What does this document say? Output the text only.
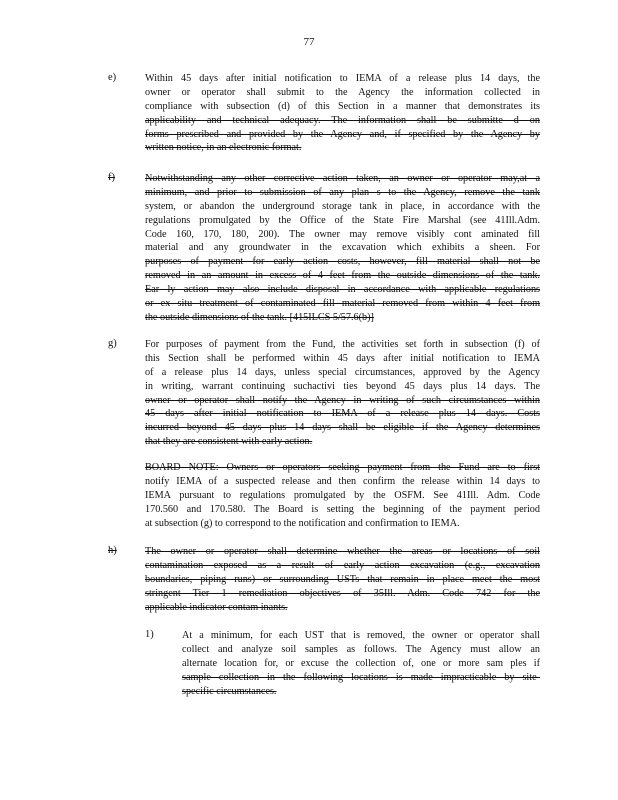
77
e)	Within 45 days after initial notification to IEMA of a release plus 14 days, the
owner or operator shall submit to the Agency the information collected in
compliance with subsection (d) of this Section in a manner that demonstrates its
applicability and technical adequacy. The information shall be submitte d on
forms prescribed and provided by the Agency and, if specified by the Agency by
written notice, in an electronic format.
f)	Notwithstanding any other corrective action taken, an owner or operator may,at a
minimum, and prior to submission of any plan s to the Agency, remove the tank
system, or abandon the underground storage tank in place, in accordance with the
regulations promulgated by the Office of the State Fire Marshal (see 41Ill.Adm.
Code 160, 170, 180, 200). The owner may remove visibly cont aminated fill
material and any groundwater in the excavation which exhibits a sheen. For
purposes of payment for early action costs, however, fill material shall not be
removed in an amount in excess of 4 feet from the outside dimensions of the tank.
Ear ly action may also include disposal in accordance with applicable regulations
or ex situ treatment of contaminated fill material removed from within 4 feet from
the outside dimensions of the tank. [415ILCS 5/57.6(b)]
g)	For purposes of payment from the Fund, the activities set forth in subsection (f) of
this Section shall be performed within 45 days after initial notification to IEMA
of a release plus 14 days, unless special circumstances, approved by the Agency
in writing, warrant continuing suchactivi ties beyond 45 days plus 14 days. The
owner or operator shall notify the Agency in writing of such circumstances within
45 days after initial notification to IEMA of a release plus 14 days. Costs
incurred beyond 45 days plus 14 days shall be eligible if the Agency determines
that they are consistent with early action.
BOARD NOTE: Owners or operators seeking payment from the Fund are to first
notify IEMA of a suspected release and then confirm the release within 14 days to
IEMA pursuant to regulations promulgated by the OSFM. See 41Ill. Adm. Code
170.560 and 170.580. The Board is setting the beginning of the payment period
at subsection (g) to correspond to the notification and confirmation to IEMA.
h)	The owner or operator shall determine whether the areas or locations of soil
contamination exposed as a result of early action excavation (e.g., excavation
boundaries, piping runs) or surrounding USTs that remain in place meet the most
stringent Tier 1 remediation objectives of 35Ill. Adm. Code 742 for the
applicable indicator contam inants.
1)	At a minimum, for each UST that is removed, the owner or operator shall
collect and analyze soil samples as follows. The Agency must allow an
alternate location for, or excuse the collection of, one or more sam ples if
sample collection in the following locations is made impracticable by site-
specific circumstances.
